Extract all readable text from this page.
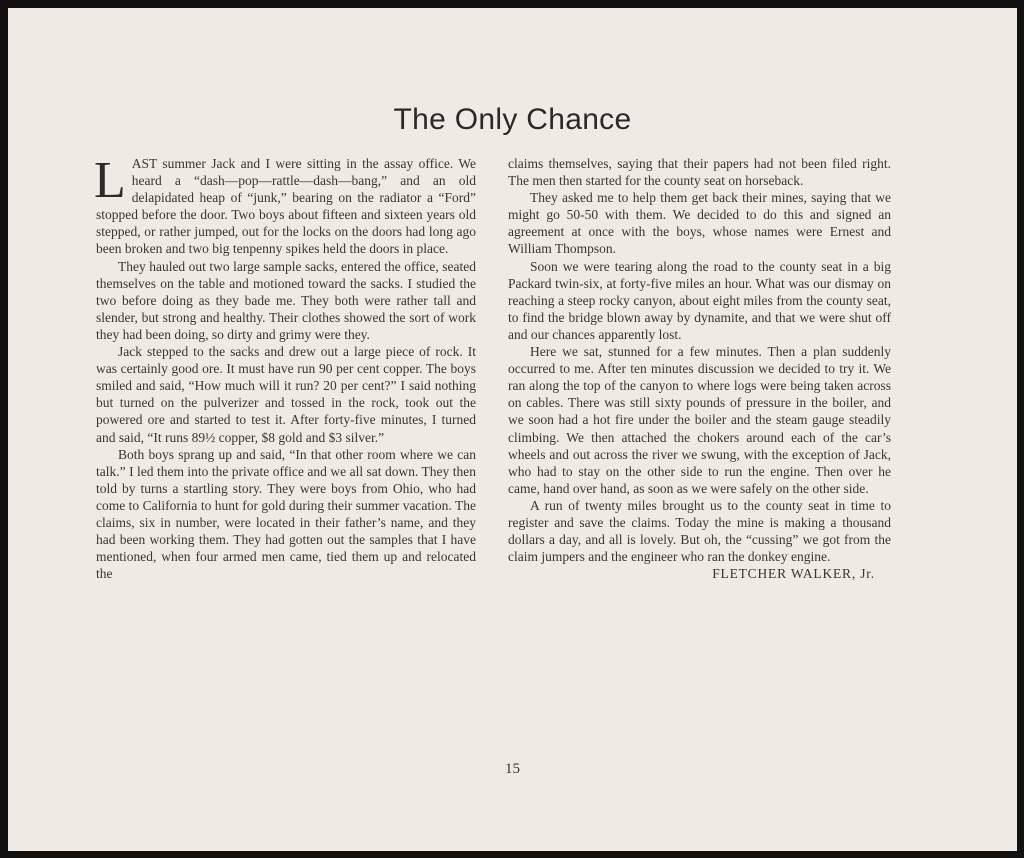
The Only Chance

LAST summer Jack and I were sitting in the assay office. We heard a “dash—pop—rattle—dash—bang,” and an old delapidated heap of “junk,” bearing on the radiator a “Ford” stopped before the door. Two boys about fifteen and sixteen years old stepped, or rather jumped, out for the locks on the doors had long ago been broken and two big tenpenny spikes held the doors in place.

They hauled out two large sample sacks, entered the office, seated themselves on the table and motioned toward the sacks. I studied the two before doing as they bade me. They both were rather tall and slender, but strong and healthy. Their clothes showed the sort of work they had been doing, so dirty and grimy were they.

Jack stepped to the sacks and drew out a large piece of rock. It was certainly good ore. It must have run 90 per cent copper. The boys smiled and said, “How much will it run? 20 per cent?” I said nothing but turned on the pulverizer and tossed in the rock, took out the powered ore and started to test it. After forty-five minutes, I turned and said, “It runs 89½ copper, $8 gold and $3 silver.”

Both boys sprang up and said, “In that other room where we can talk.” I led them into the private office and we all sat down. They then told by turns a startling story. They were boys from Ohio, who had come to California to hunt for gold during their summer vacation. The claims, six in number, were located in their father’s name, and they had been working them. They had gotten out the samples that I have mentioned, when four armed men came, tied them up and relocated the

claims themselves, saying that their papers had not been filed right. The men then started for the county seat on horseback.

They asked me to help them get back their mines, saying that we might go 50-50 with them. We decided to do this and signed an agreement at once with the boys, whose names were Ernest and William Thompson.

Soon we were tearing along the road to the county seat in a big Packard twin-six, at forty-five miles an hour. What was our dismay on reaching a steep rocky canyon, about eight miles from the county seat, to find the bridge blown away by dynamite, and that we were shut off and our chances apparently lost.

Here we sat, stunned for a few minutes. Then a plan suddenly occurred to me. After ten minutes discussion we decided to try it. We ran along the top of the canyon to where logs were being taken across on cables. There was still sixty pounds of pressure in the boiler, and we soon had a hot fire under the boiler and the steam gauge steadily climbing. We then attached the chokers around each of the car’s wheels and out across the river we swung, with the exception of Jack, who had to stay on the other side to run the engine. Then over he came, hand over hand, as soon as we were safely on the other side.

A run of twenty miles brought us to the county seat in time to register and save the claims. Today the mine is making a thousand dollars a day, and all is lovely. But oh, the “cussing” we got from the claim jumpers and the engineer who ran the donkey engine.

FLETCHER WALKER, Jr.
15
